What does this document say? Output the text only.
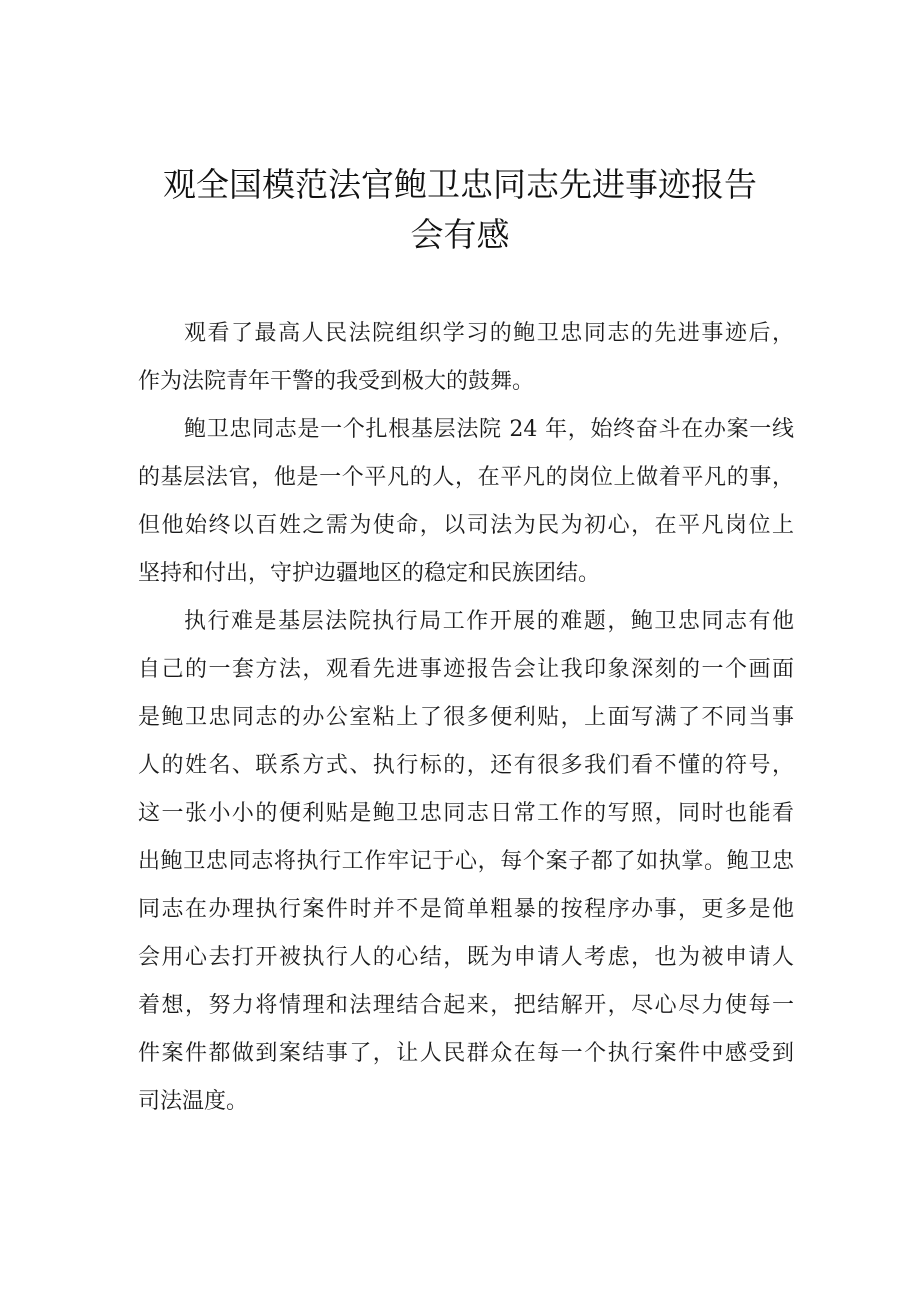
观全国模范法官鲍卫忠同志先进事迹报告
会有感
观看了最高人民法院组织学习的鲍卫忠同志的先进事迹后，
作为法院青年干警的我受到极大的鼓舞。
鲍卫忠同志是一个扎根基层法院 24 年，始终奋斗在办案一线
的基层法官，他是一个平凡的人，在平凡的岗位上做着平凡的事，
但他始终以百姓之需为使命，以司法为民为初心，在平凡岗位上
坚持和付出，守护边疆地区的稳定和民族团结。
执行难是基层法院执行局工作开展的难题，鲍卫忠同志有他
自己的一套方法，观看先进事迹报告会让我印象深刻的一个画面
是鲍卫忠同志的办公室粘上了很多便利贴，上面写满了不同当事
人的姓名、联系方式、执行标的，还有很多我们看不懂的符号，
这一张小小的便利贴是鲍卫忠同志日常工作的写照，同时也能看
出鲍卫忠同志将执行工作牢记于心，每个案子都了如执掌。鲍卫忠
同志在办理执行案件时并不是简单粗暴的按程序办事，更多是他
会用心去打开被执行人的心结，既为申请人考虑，也为被申请人
着想，努力将情理和法理结合起来，把结解开，尽心尽力使每一
件案件都做到案结事了，让人民群众在每一个执行案件中感受到
司法温度。
